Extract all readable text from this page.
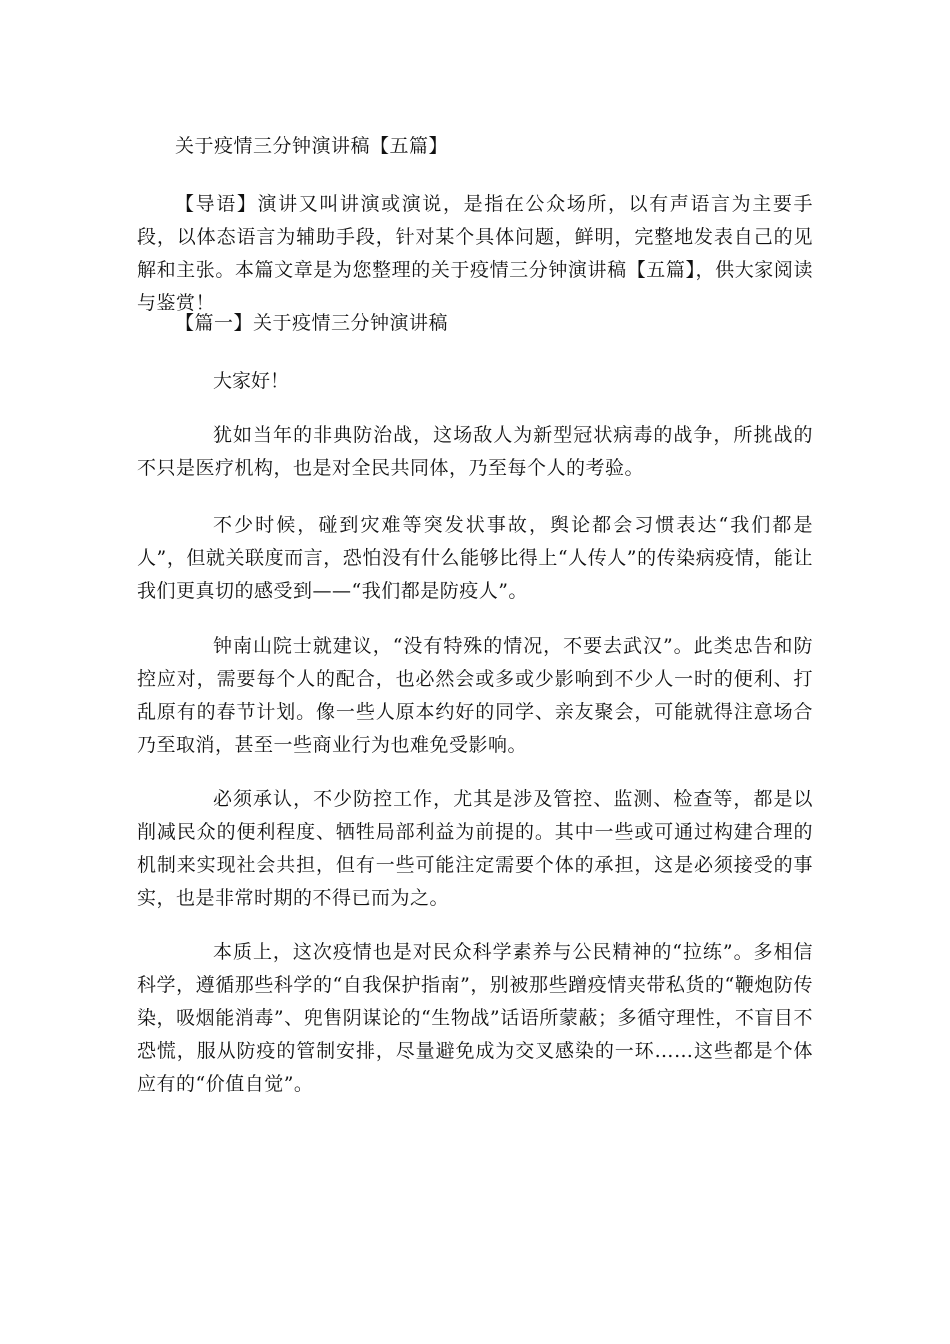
关于疫情三分钟演讲稿【五篇】

【导语】演讲又叫讲演或演说，是指在公众场所，以有声语言为主要手段，以体态语言为辅助手段，针对某个具体问题，鲜明，完整地发表自己的见解和主张。本篇文章是为您整理的关于疫情三分钟演讲稿【五篇】，供大家阅读与鉴赏！

【篇一】关于疫情三分钟演讲稿

大家好！

犹如当年的非典防治战，这场敌人为新型冠状病毒的战争，所挑战的不只是医疗机构，也是对全民共同体，乃至每个人的考验。

不少时候，碰到灾难等突发状事故，舆论都会习惯表达“我们都是人”，但就关联度而言，恐怕没有什么能够比得上“人传人”的传染病疫情，能让我们更真切的感受到——“我们都是防疫人”。

钟南山院士就建议，“没有特殊的情况，不要去武汉”。此类忠告和防控应对，需要每个人的配合，也必然会或多或少影响到不少人一时的便利、打乱原有的春节计划。像一些人原本约好的同学、亲友聚会，可能就得注意场合乃至取消，甚至一些商业行为也难免受影响。

必须承认，不少防控工作，尤其是涉及管控、监测、检查等，都是以削减民众的便利程度、牺牲局部利益为前提的。其中一些或可通过构建合理的机制来实现社会共担，但有一些可能注定需要个体的承担，这是必须接受的事实，也是非常时期的不得已而为之。

本质上，这次疫情也是对民众科学素养与公民精神的“拉练”。多相信科学，遵循那些科学的“自我保护指南”，别被那些蹭疫情夹带私货的“鞭炮防传染，吸烟能消毒”、兜售阴谋论的“生物战”话语所蒙蔽；多循守理性，不盲目不恐慌，服从防疫的管制安排，尽量避免成为交叉感染的一环……这些都是个体应有的“价值自觉”。
